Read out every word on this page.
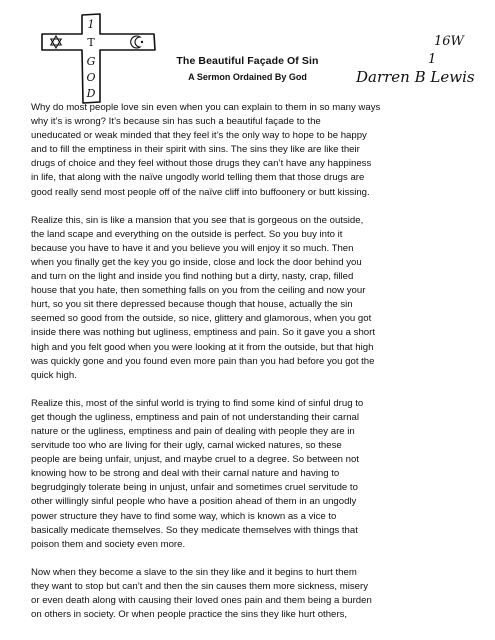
1
T
G
O
D
The Beautiful Façade Of Sin
A Sermon Ordained By God
16W
1
Darren B Lewis
Why do most people love sin even when you can explain to them in so many ways
why it’s is wrong? It’s because sin has such a beautiful façade to the
uneducated or weak minded that they feel it’s the only way to hope to be happy
and to fill the emptiness in their spirit with sins. The sins they like are like their
drugs of choice and they feel without those drugs they can’t have any happiness
in life, that along with the naïve ungodly world telling them that those drugs are
good really send most people off of the naïve cliff into buffoonery or butt kissing.
Realize this, sin is like a mansion that you see that is gorgeous on the outside,
the land scape and everything on the outside is perfect. So you buy into it
because you have to have it and you believe you will enjoy it so much. Then
when you finally get the key you go inside, close and lock the door behind you
and turn on the light and inside you find nothing but a dirty, nasty, crap, filled
house that you hate, then something falls on you from the ceiling and now your
hurt, so you sit there depressed because though that house, actually the sin
seemed so good from the outside, so nice, glittery and glamorous, when you got
inside there was nothing but ugliness, emptiness and pain. So it gave you a short
high and you felt good when you were looking at it from the outside, but that high
was quickly gone and you found even more pain than you had before you got the
quick high.
Realize this, most of the sinful world is trying to find some kind of sinful drug to
get though the ugliness, emptiness and pain of not understanding their carnal
nature or the ugliness, emptiness and pain of dealing with people they are in
servitude too who are living for their ugly, carnal wicked natures, so these
people are being unfair, unjust, and maybe cruel to a degree. So between not
knowing how to be strong and deal with their carnal nature and having to
begrudgingly tolerate being in unjust, unfair and sometimes cruel servitude to
other willingly sinful people who have a position ahead of them in an ungodly
power structure they have to find some way, which is known as a vice to
basically medicate themselves. So they medicate themselves with things that
poison them and society even more.
Now when they become a slave to the sin they like and it begins to hurt them
they want to stop but can’t and then the sin causes them more sickness, misery
or even death along with causing their loved ones pain and them being a burden
on others in society. Or when people practice the sins they like hurt others,
